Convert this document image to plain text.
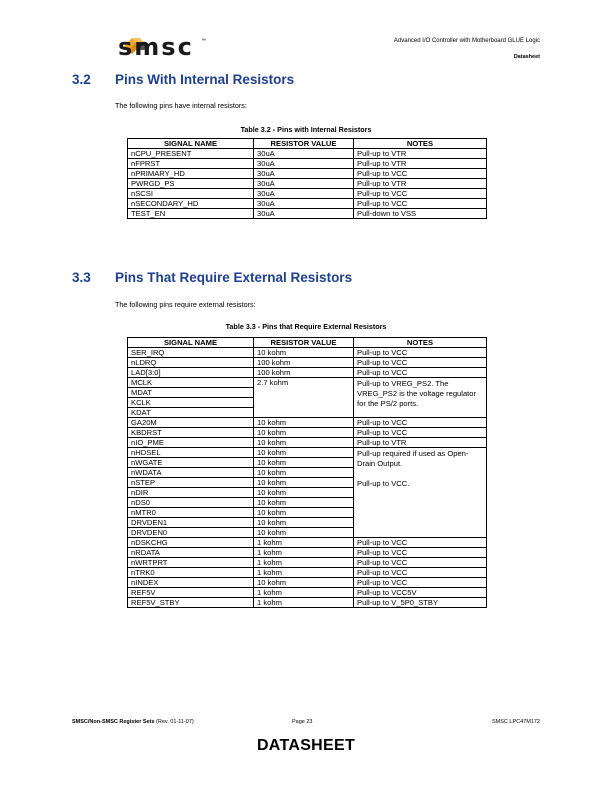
smsc ™	Advanced I/O Controller with Motherboard GLUE Logic
Datasheet
3.2 Pins With Internal Resistors
The following pins have internal resistors:
Table 3.2 - Pins with Internal Resistors
SIGNAL NAME	RESISTOR VALUE	NOTES
nCPU_PRESENT	30uA	Pull-up to VTR
nFPRST	30uA	Pull-up to VTR
nPRIMARY_HD	30uA	Pull-up to VCC
PWRGD_PS	30uA	Pull-up to VTR
nSCSI	30uA	Pull-up to VCC
nSECONDARY_HD	30uA	Pull-up to VCC
TEST_EN	30uA	Pull-down to VSS
3.3 Pins That Require External Resistors
The following pins require external resistors:
Table 3.3 - Pins that Require External Resistors
SIGNAL NAME	RESISTOR VALUE	NOTES
SER_IRQ	10 kohm	Pull-up to VCC
nLDRQ	100 kohm	Pull-up to VCC
LAD[3:0]	100 kohm	Pull-up to VCC
MCLK	2.7 kohm	Pull-up to VREG_PS2. The VREG_PS2 is the voltage regulator for the PS/2 ports.
MDAT		
KCLK		
KDAT		
GA20M	10 kohm	Pull-up to VCC
KBDRST	10 kohm	Pull-up to VCC
nIO_PME	10 kohm	Pull-up to VTR
nHDSEL	10 kohm	Pull-up required if used as Open-Drain Output.
Pull-up to VCC.

nWGATE	10 kohm	
nWDATA	10 kohm	
nSTEP	10 kohm	
nDIR	10 kohm	
nDS0	10 kohm	
nMTR0	10 kohm	
DRVDEN1	10 kohm	
DRVDEN0	10 kohm	
nDSKCHG	1 kohm	Pull-up to VCC
nRDATA	1 kohm	Pull-up to VCC
nWRTPRT	1 kohm	Pull-up to VCC
nTRK0	1 kohm	Pull-up to VCC
nINDEX	10 kohm	Pull-up to VCC
REF5V	1 kohm	Pull-up to VCC5V
REF5V_STBY	1 kohm	Pull-up to V_5P0_STBY
SMSC/Non-SMSC Register Sets (Rev. 01-11-07)	Page 23	SMSC LPC47M172
DATASHEET
